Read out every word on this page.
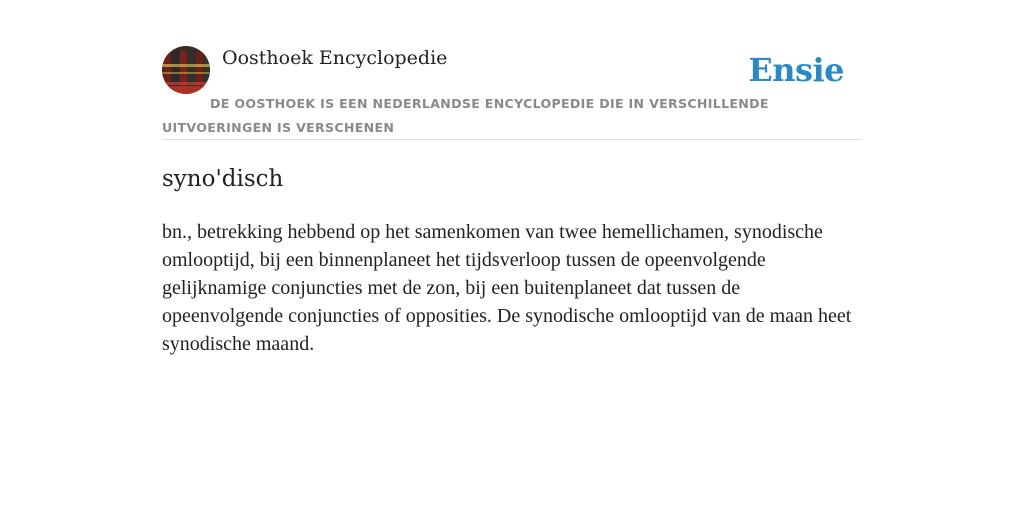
Oosthoek Encyclopedie	Ensie
DE OOSTHOEK IS EEN NEDERLANDSE ENCYCLOPEDIE DIE IN VERSCHILLENDE UITVOERINGEN IS VERSCHENEN
syno'disch

bn., betrekking hebbend op het samenkomen van twee hemellichamen, synodische omlooptijd, bij een binnenplaneet het tijdsverloop tussen de opeenvolgende gelijknamige conjuncties met de zon, bij een buitenplaneet dat tussen de opeenvolgende conjuncties of opposities. De synodische omlooptijd van de maan heet synodische maand.
